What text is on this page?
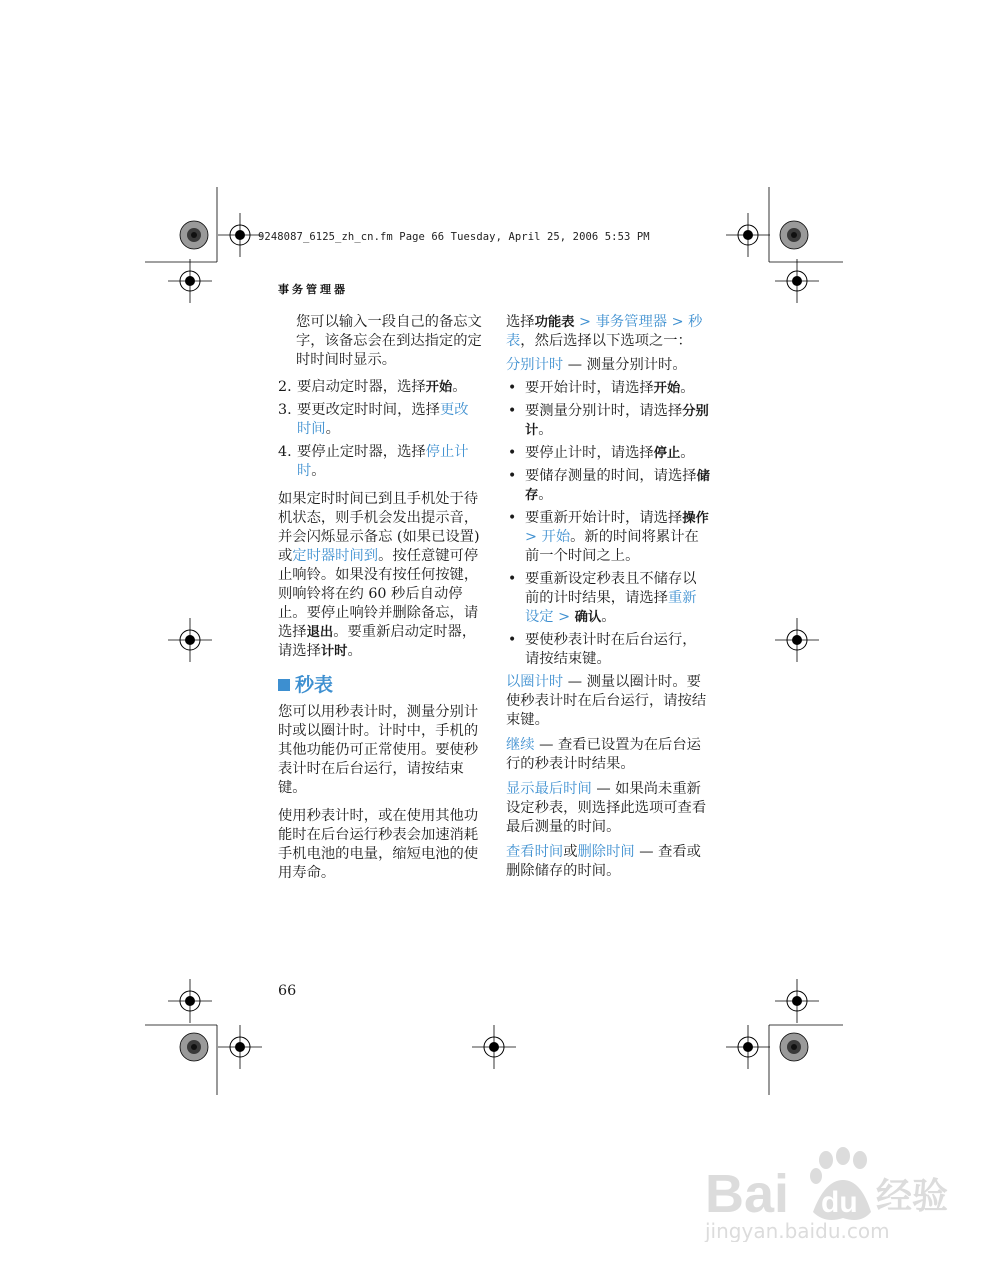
9248087_6125_zh_cn.fm Page 66 Tuesday, April 25, 2006 5:53 PM
事务管理器

您可以输入一段自己的备忘文字，该备忘会在到达指定的定时时间时显示。

2. 要启动定时器，选择开始。
3. 要更改定时时间，选择更改时间。
4. 要停止定时器，选择停止计时。

如果定时时间已到且手机处于待机状态，则手机会发出提示音，并会闪烁显示备忘 (如果已设置) 或定时器时间到。按任意键可停止响铃。如果没有按任何按键，则响铃将在约 60 秒后自动停止。要停止响铃并删除备忘，请选择退出。要重新启动定时器，请选择计时。

秒表

您可以用秒表计时，测量分别计时或以圈计时。计时中，手机的其他功能仍可正常使用。要使秒表计时在后台运行，请按结束键。

使用秒表计时，或在使用其他功能时在后台运行秒表会加速消耗手机电池的电量，缩短电池的使用寿命。

选择功能表 > 事务管理器 > 秒表，然后选择以下选项之一：

分别计时 — 测量分别计时。

• 要开始计时，请选择开始。
• 要测量分别计时，请选择分别计。
• 要停止计时，请选择停止。
• 要储存测量的时间，请选择储存。
• 要重新开始计时，请选择操作 > 开始。新的时间将累计在前一个时间之上。
• 要重新设定秒表且不储存以前的计时结果，请选择重新设定 > 确认。
• 要使秒表计时在后台运行，请按结束键。

以圈计时 — 测量以圈计时。要使秒表计时在后台运行，请按结束键。

继续 — 查看已设置为在后台运行的秒表计时结果。

显示最后时间 — 如果尚未重新设定秒表，则选择此选项可查看最后测量的时间。

查看时间或删除时间 — 查看或删除储存的时间。

66
Bai du 经验
jingyan.baidu.com
